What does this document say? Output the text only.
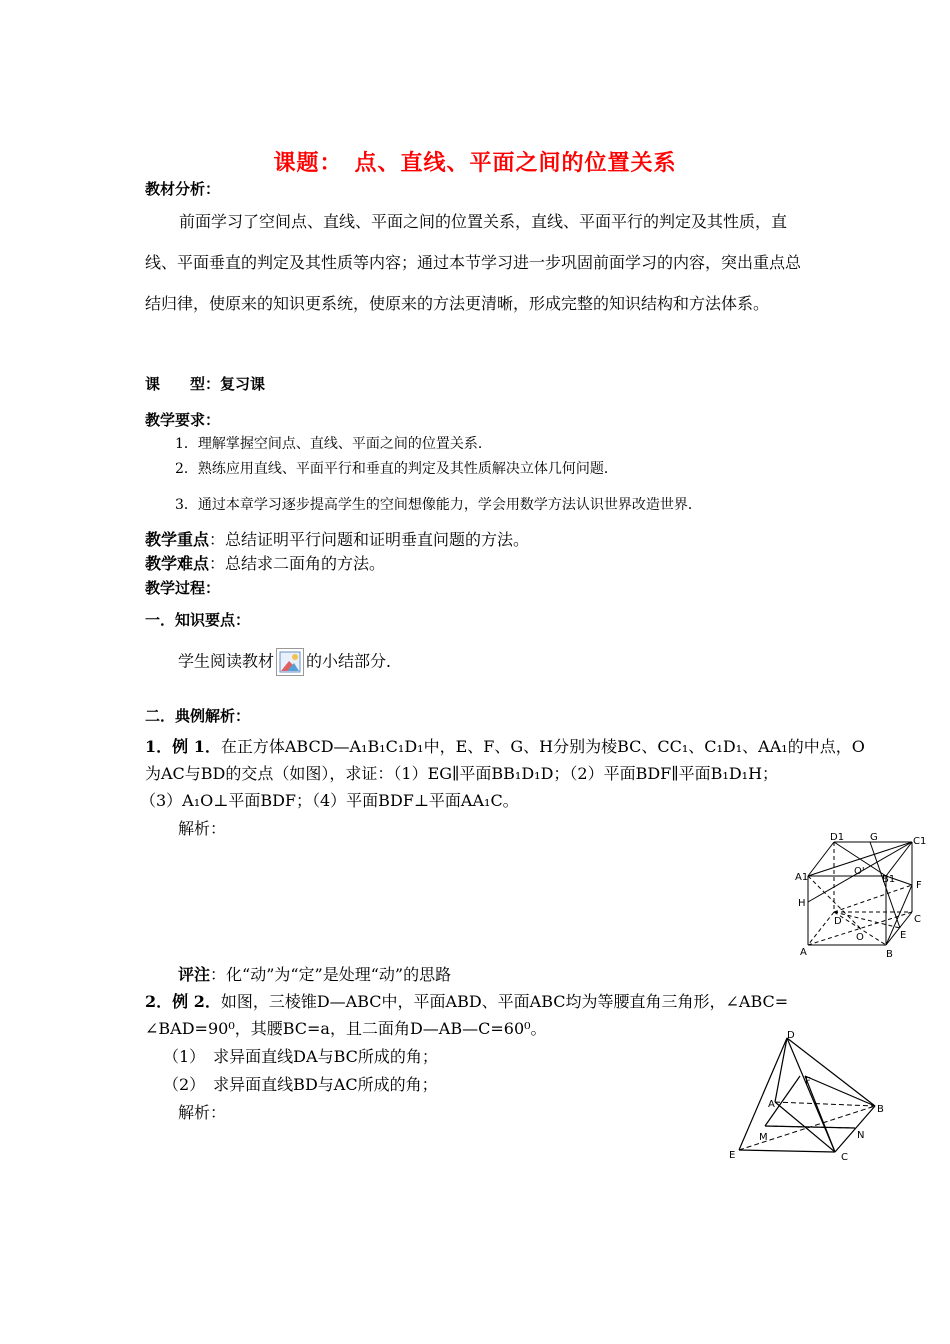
课题：　点、直线、平面之间的位置关系
教材分析：
前面学习了空间点、直线、平面之间的位置关系，直线、平面平行的判定及其性质，直线、平面垂直的判定及其性质等内容；通过本节学习进一步巩固前面学习的内容，突出重点总结归律，使原来的知识更系统，使原来的方法更清晰，形成完整的知识结构和方法体系。
课　　型：复习课
教学要求：
1．理解掌握空间点、直线、平面之间的位置关系．
2．熟练应用直线、平面平行和垂直的判定及其性质解决立体几何问题．
3．通过本章学习逐步提高学生的空间想像能力，学会用数学方法认识世界改造世界．
教学重点：总结证明平行问题和证明垂直问题的方法。
教学难点：总结求二面角的方法。
教学过程：
一．知识要点：
学生阅读教材 的小结部分．
二．典例解析：
1．例 1．在正方体ABCD—A₁B₁C₁D₁中，E、F、G、H分别为棱BC、CC₁、C₁D₁、AA₁的中点，O
为AC与BD的交点（如图），求证：（1）EG∥平面BB₁D₁D；（2）平面BDF∥平面B₁D₁H；
（3）A₁O⊥平面BDF；（4）平面BDF⊥平面AA₁C。
解析：	D1	G	C1
A1
O'
B1
F
H
D	C
O	E
A	B
评注：化“动”为“定”是处理“动”的思路
2．例 2．如图，三棱锥D—ABC中，平面ABD、平面ABC均为等腰直角三角形，∠ABC=
∠BAD=90⁰，其腰BC=a，且二面角D—AB—C=60⁰。
（1）　求异面直线DA与BC所成的角；
（2）　求异面直线BD与AC所成的角；
解析：
D
F
A	B
M	N
E	C
